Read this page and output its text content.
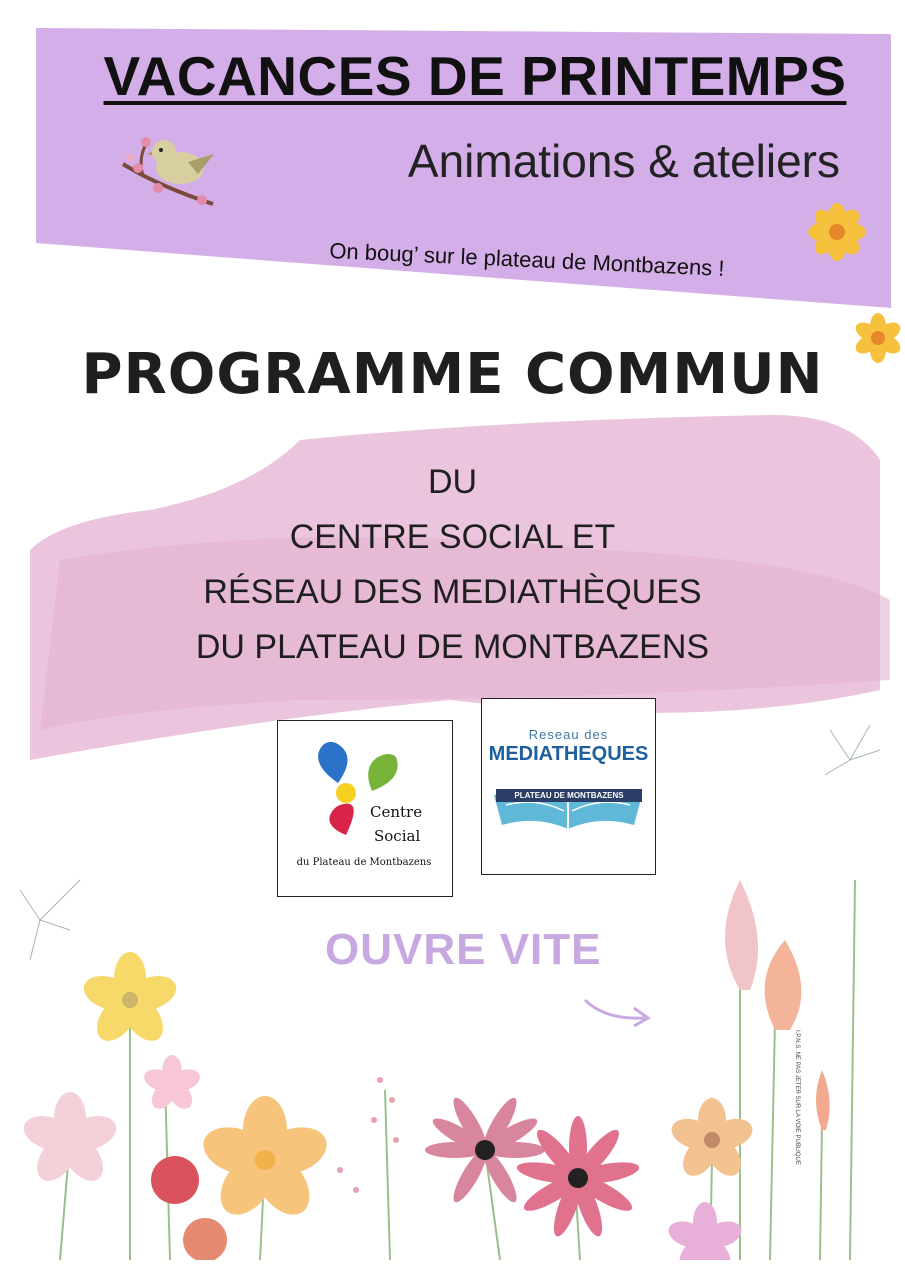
VACANCES DE PRINTEMPS
Animations & ateliers
On boug’ sur le plateau de Montbazens !
PROGRAMME COMMUN
DU
CENTRE SOCIAL ET
RÉSEAU DES MEDIATHÈQUES
DU PLATEAU DE MONTBAZENS
Centre
Social
du Plateau de Montbazens
Reseau des
MEDIATHEQUES
PLATEAU DE MONTBAZENS
OUVRE VITE
I.P.N.S. NE PAS JETER SUR LA VOIE PUBLIQUE
